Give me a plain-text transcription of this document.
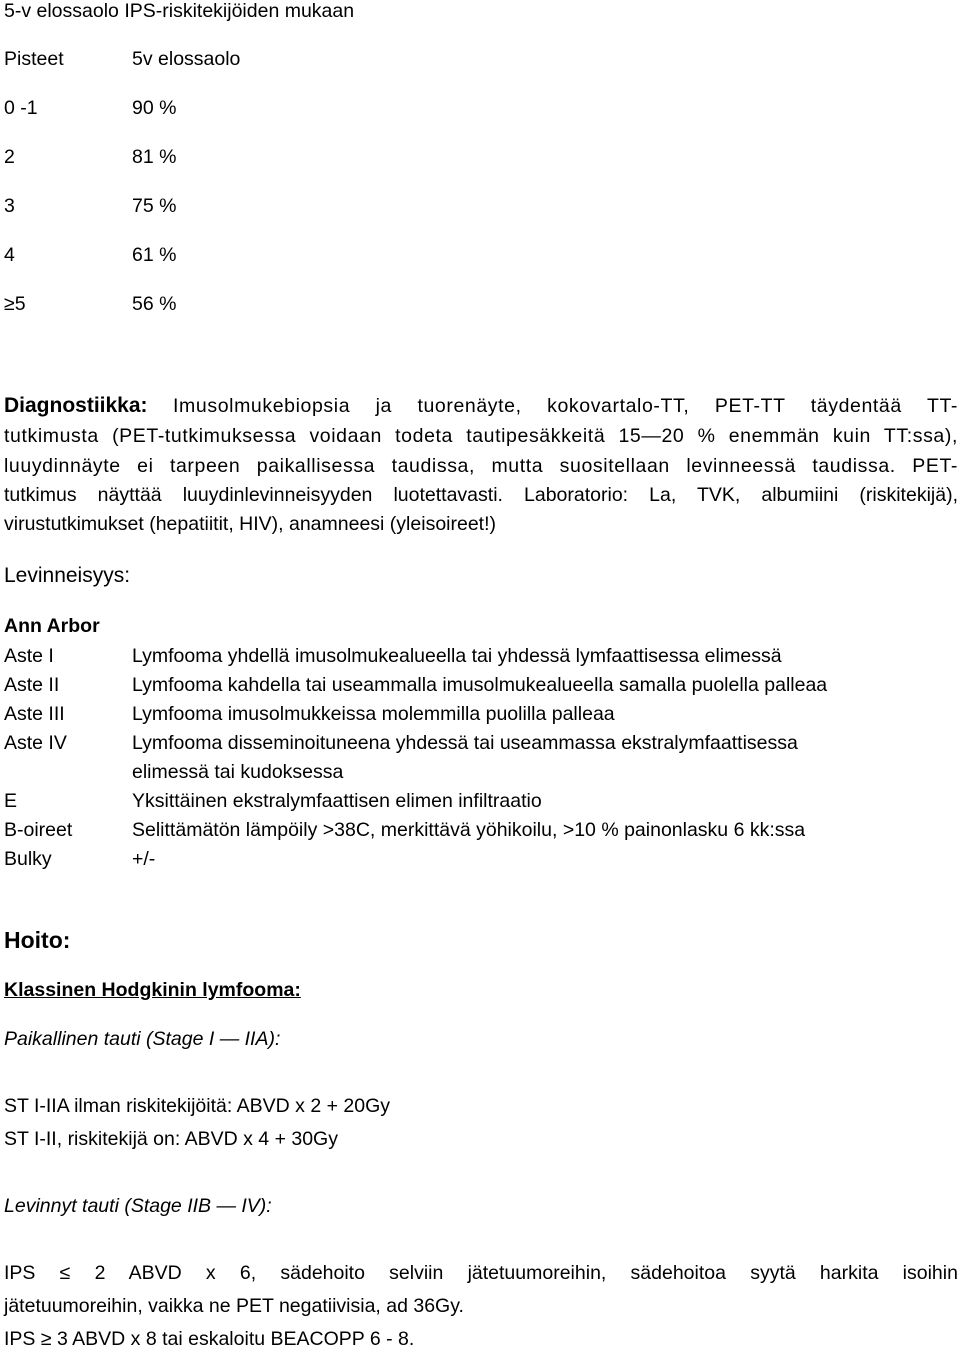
5-v elossaolo IPS-riskitekijöiden mukaan
Pisteet	5v elossaolo
0 -1	90 %
2	81 %
3	75 %
4	61 %
≥5	56 %
Diagnostiikka: Imusolmukebiopsia ja tuorenäyte, kokovartalo-TT, PET-TT täydentää TT-
tutkimusta (PET-tutkimuksessa voidaan todeta tautipesäkkeitä 15—20 % enemmän kuin TT:ssa),
luuydinnäyte ei tarpeen paikallisessa taudissa, mutta suositellaan levinneessä taudissa. PET-
tutkimus näyttää luuydinlevinneisyyden luotettavasti. Laboratorio: La, TVK, albumiini (riskitekijä),
virustutkimukset (hepatiitit, HIV), anamneesi (yleisoireet!)
Levinneisyys:
Ann Arbor
Aste I	Lymfooma yhdellä imusolmukealueella tai yhdessä lymfaattisessa elimessä
Aste II	Lymfooma kahdella tai useammalla imusolmukealueella samalla puolella palleaa
Aste III	Lymfooma imusolmukkeissa molemmilla puolilla palleaa
Aste IV	Lymfooma disseminoituneena yhdessä tai useammassa ekstralymfaattisessa
elimessä tai kudoksessa
E	Yksittäinen ekstralymfaattisen elimen infiltraatio
B-oireet	Selittämätön lämpöily >38C, merkittävä yöhikoilu, >10 % painonlasku 6 kk:ssa
Bulky	+/-
Hoito:
Klassinen Hodgkinin lymfooma:
Paikallinen tauti (Stage I — IIA):
ST I-IIA ilman riskitekijöitä: ABVD x 2 + 20Gy
ST I-II, riskitekijä on: ABVD x 4 + 30Gy
Levinnyt tauti (Stage IIB — IV):
IPS ≤ 2 ABVD x 6, sädehoito selviin jätetuumoreihin, sädehoitoa syytä harkita isoihin
jätetuumoreihin, vaikka ne PET negatiivisia, ad 36Gy.
IPS ≥ 3 ABVD x 8 tai eskaloitu BEACOPP 6 - 8.
